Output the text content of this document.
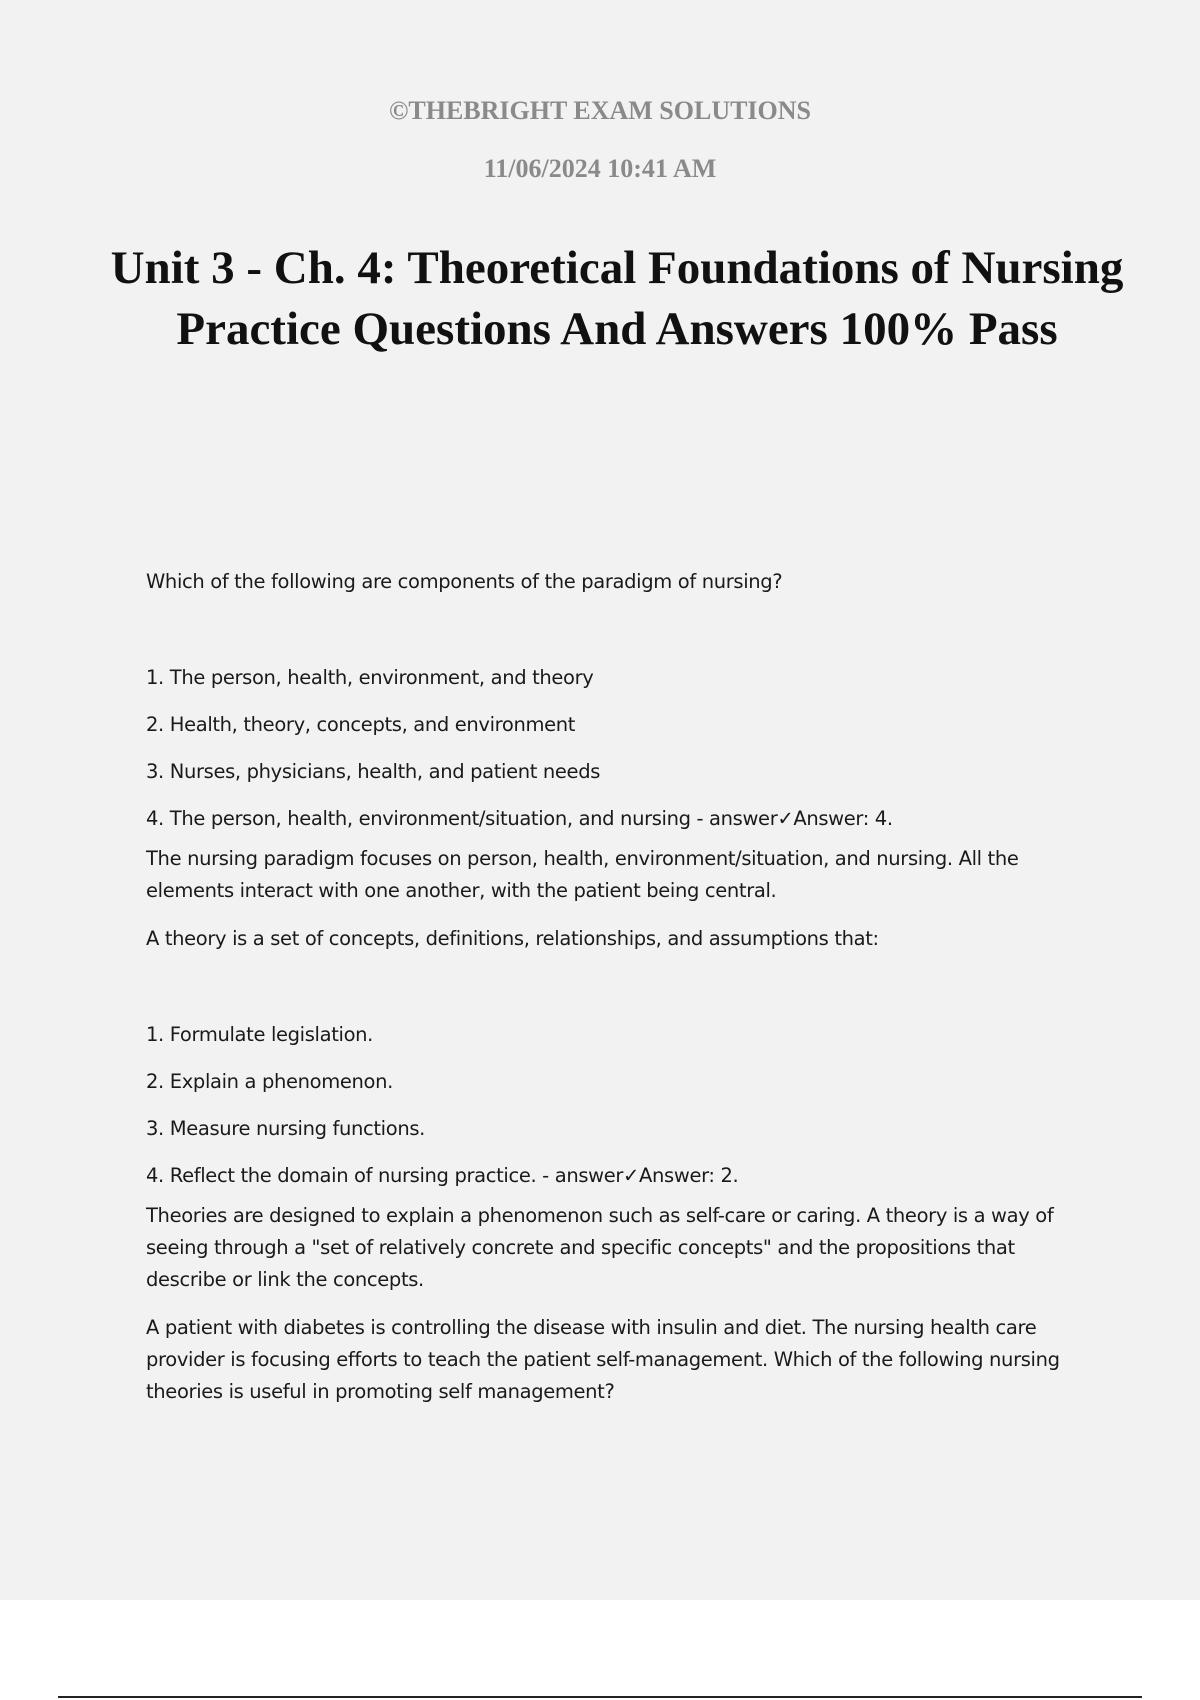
©THEBRIGHT EXAM SOLUTIONS
11/06/2024 10:41 AM
Unit 3 - Ch. 4: Theoretical Foundations of Nursing Practice Questions And Answers 100% Pass

Which of the following are components of the paradigm of nursing?

1. The person, health, environment, and theory

2. Health, theory, concepts, and environment

3. Nurses, physicians, health, and patient needs

4. The person, health, environment/situation, and nursing - answer✓Answer: 4.

The nursing paradigm focuses on person, health, environment/situation, and nursing. All the elements interact with one another, with the patient being central.

A theory is a set of concepts, definitions, relationships, and assumptions that:

1. Formulate legislation.

2. Explain a phenomenon.

3. Measure nursing functions.

4. Reflect the domain of nursing practice. - answer✓Answer: 2.

Theories are designed to explain a phenomenon such as self-care or caring. A theory is a way of seeing through a "set of relatively concrete and specific concepts" and the propositions that describe or link the concepts.

A patient with diabetes is controlling the disease with insulin and diet. The nursing health care provider is focusing efforts to teach the patient self-management. Which of the following nursing theories is useful in promoting self management?
